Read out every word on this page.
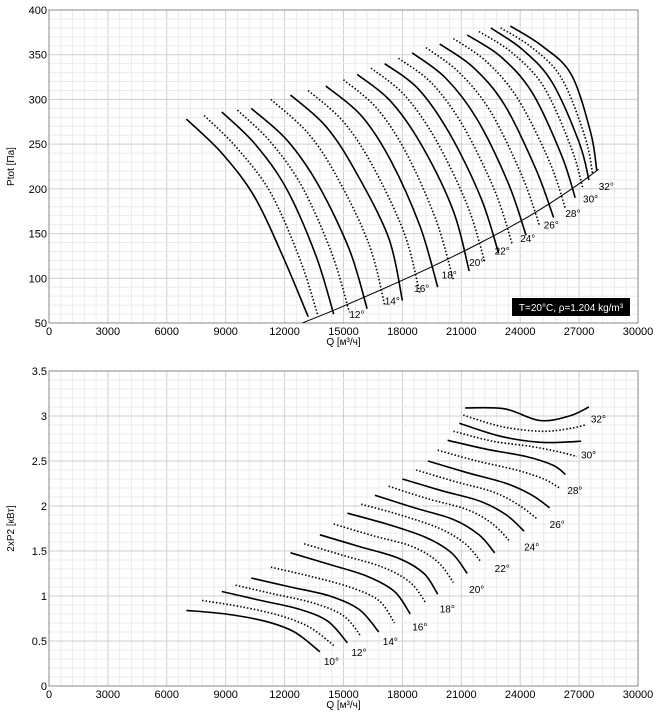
0	3000	6000	9000	12000	15000	18000	21000	24000	27000	30000
50
100
150
200
250
300
350
400
Q [м³/ч]
Ptot [Па]
12°
14°
16°
18°
20°
22°
24°
26°
28°
30°
32°
T=20°C, ρ=1.204 kg/m³
0	3000	6000	9000	12000	15000	18000	21000	24000	27000	30000
0
0.5
1
1.5
2
2.5
3
3.5
Q [м³/ч]
2xP2 [кВт]
10°
12°
14°
16°
18°
20°
22°
24°
26°
28°
30°
32°
